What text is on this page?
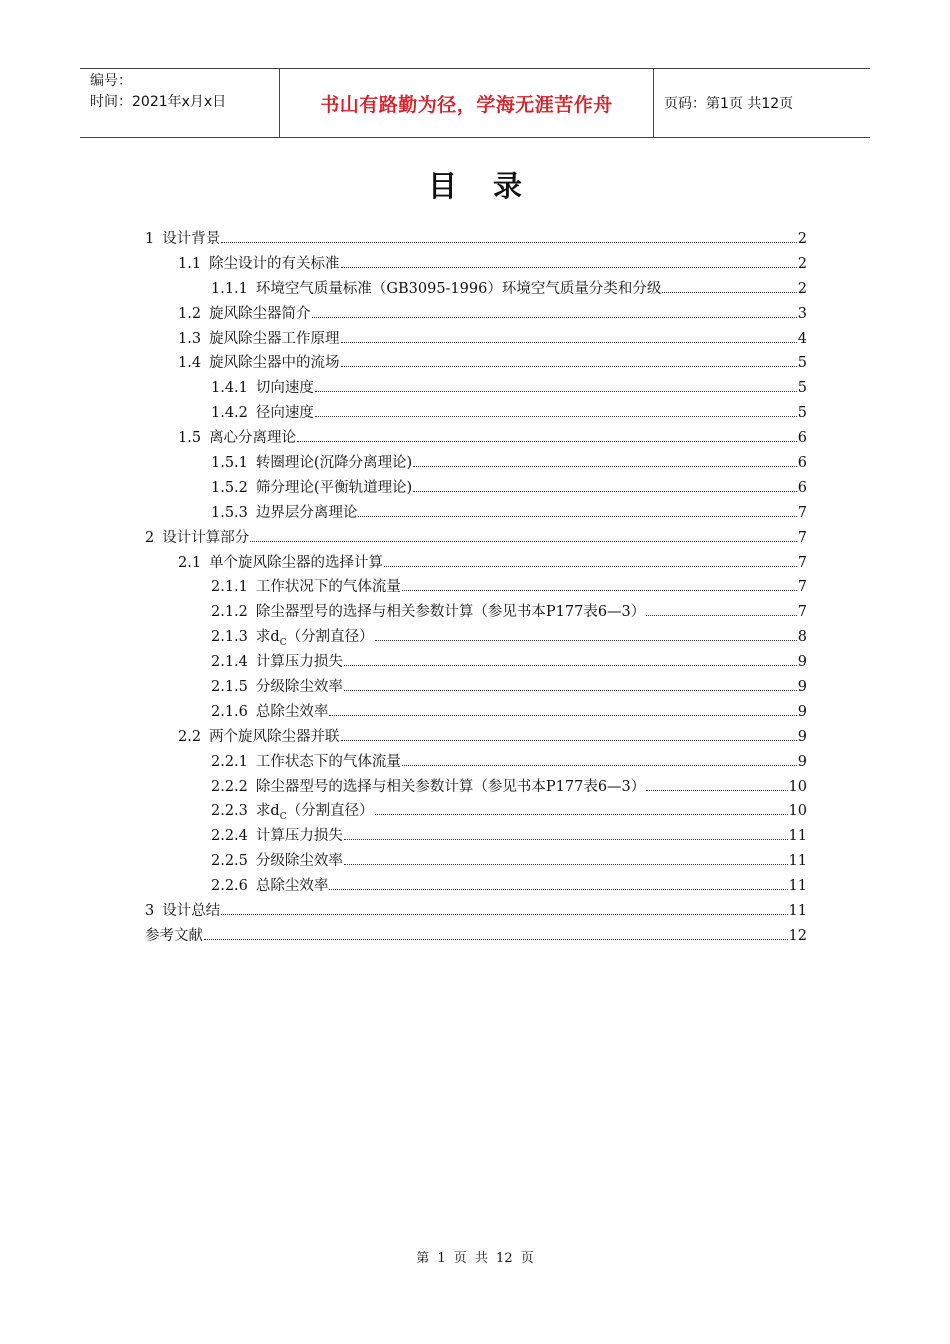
编号：
时间：2021年x月x日	书山有路勤为径，学海无涯苦作舟	页码：第1页 共12页
目录
1 设计背景	2
1.1 除尘设计的有关标准	2
1.1.1 环境空气质量标准（GB3095-1996）环境空气质量分类和分级	2
1.2 旋风除尘器简介	3
1.3 旋风除尘器工作原理	4
1.4 旋风除尘器中的流场	5
1.4.1 切向速度	5
1.4.2 径向速度	5
1.5 离心分离理论	6
1.5.1 转圈理论(沉降分离理论)	6
1.5.2 筛分理论(平衡轨道理论)	6
1.5.3 边界层分离理论	7
2 设计计算部分	7
2.1 单个旋风除尘器的选择计算	7
2.1.1 工作状况下的气体流量	7
2.1.2 除尘器型号的选择与相关参数计算（参见书本P177表6—3）	7
2.1.3 求$d_C$（分割直径）	8
2.1.4 计算压力损失	9
2.1.5 分级除尘效率	9
2.1.6 总除尘效率	9
2.2 两个旋风除尘器并联	9
2.2.1 工作状态下的气体流量	9
2.2.2 除尘器型号的选择与相关参数计算（参见书本P177表6—3）	10
2.2.3 求$d_C$（分割直径）	10
2.2.4 计算压力损失	11
2.2.5 分级除尘效率	11
2.2.6 总除尘效率	11
3 设计总结	11
参考文献	12
第 1 页 共 12 页
